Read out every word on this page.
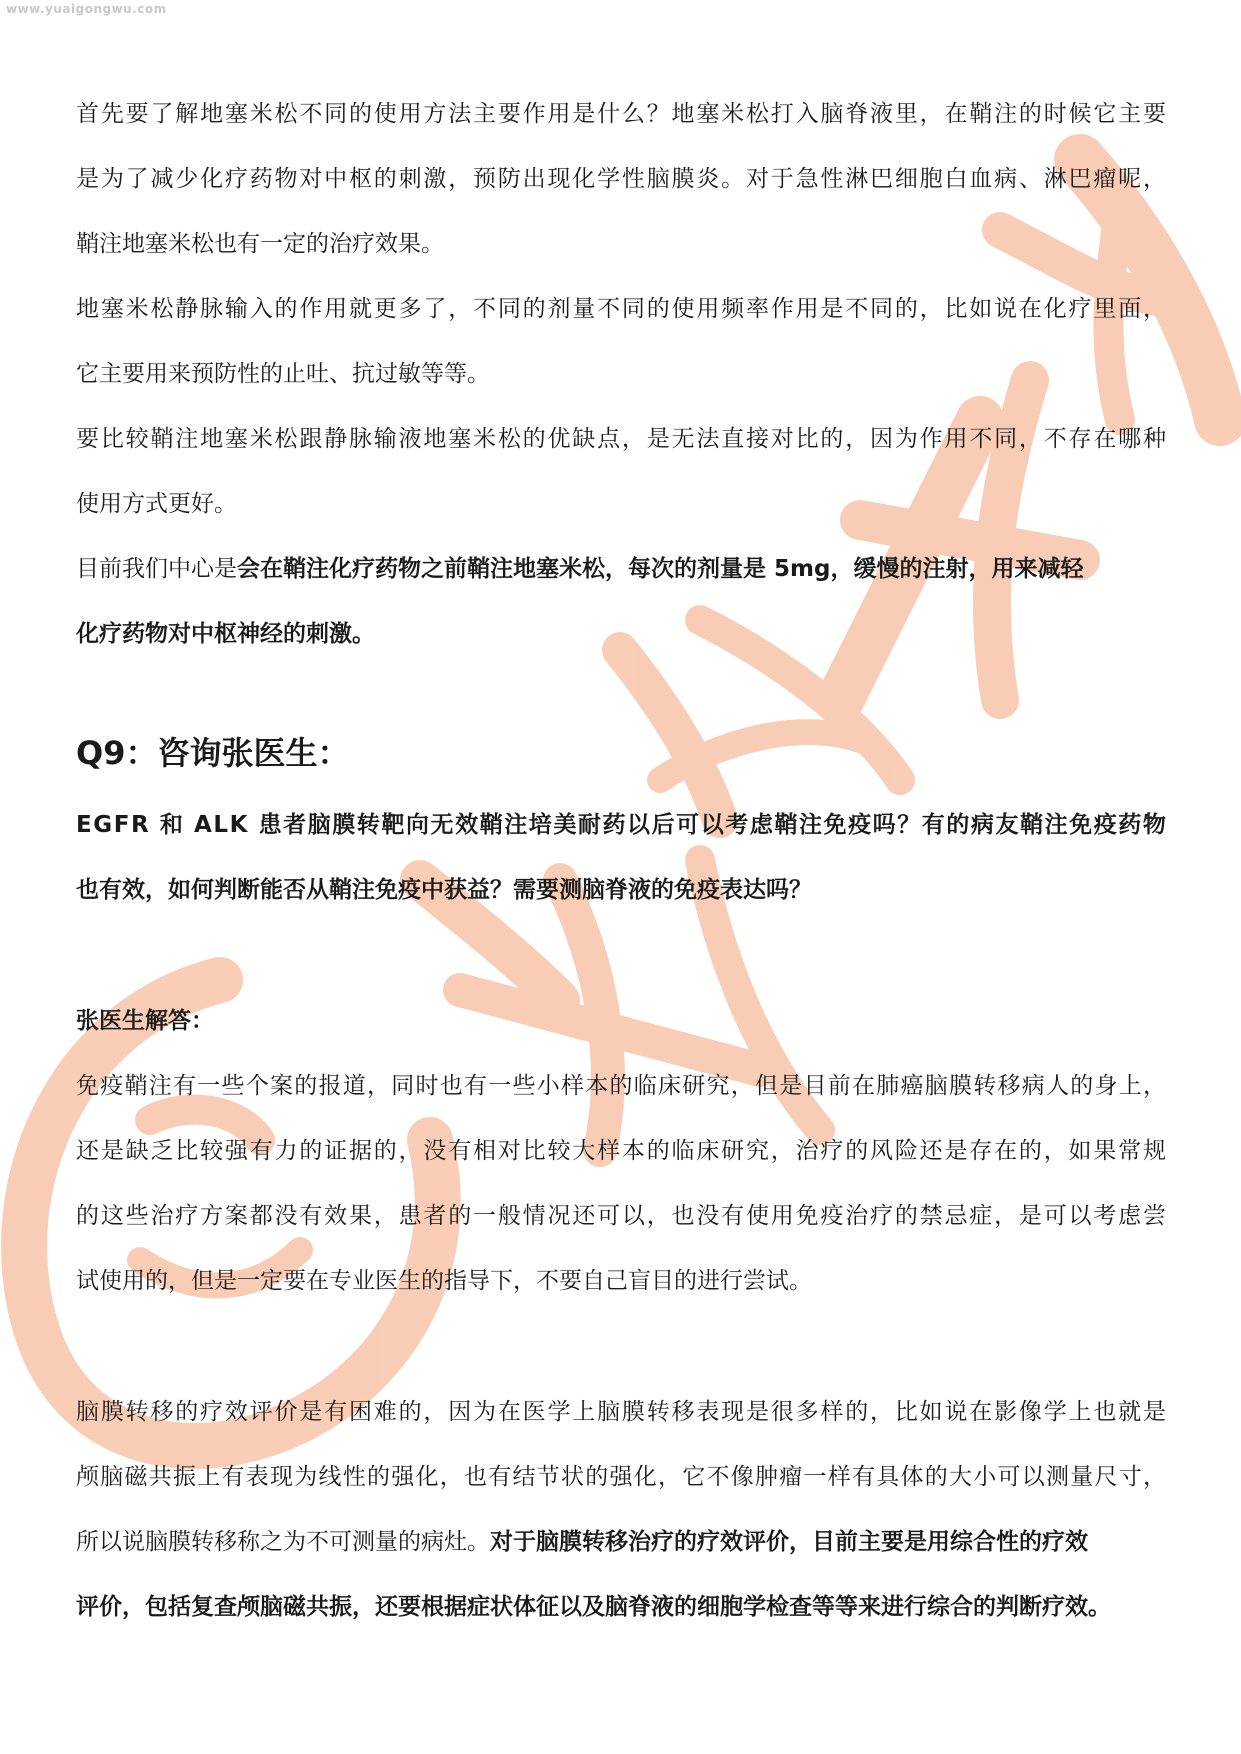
www.yuaigongwu.com
首 先 要 了 解 地 塞 米 松 不 同 的 使 用 方 法 主 要 作 用 是 什 么 ？ 地 塞 米 松 打 入 脑 脊 液 里 ， 在 鞘 注 的 时 候 它 主 要
是 为 了 减 少 化 疗 药 物 对 中 枢 的 刺 激 ， 预 防 出 现 化 学 性 脑 膜 炎 。 对 于 急 性 淋 巴 细 胞 白 血 病 、 淋 巴 瘤 呢 ，
鞘注地塞米松也有一定的治疗效果。
地 塞 米 松 静 脉 输 入 的 作 用 就 更 多 了 ， 不 同 的 剂 量 不 同 的 使 用 频 率 作 用 是 不 同 的 ， 比 如 说 在 化 疗 里 面 ，
它主要用来预防性的止吐、抗过敏等等。
要 比 较 鞘 注 地 塞 米 松 跟 静 脉 输 液 地 塞 米 松 的 优 缺 点 ， 是 无 法 直 接 对 比 的 ， 因 为 作 用 不 同 ， 不 存 在 哪 种
使用方式更好。
目前我们中心是会在鞘注化疗药物之前鞘注地塞米松，每次的剂量是 5mg，缓慢的注射，用来减轻
化疗药物对中枢神经的刺激。
Q9：咨询张医生：
E G F R
和
A L K
患 者 脑 膜 转 靶 向 无 效 鞘 注 培 美 耐 药 以 后 可 以 考 虑 鞘 注 免 疫 吗 ？ 有 的 病 友 鞘 注 免 疫 药 物
也有效，如何判断能否从鞘注免疫中获益？需要测脑脊液的免疫表达吗？
张医生解答：
免 疫 鞘 注 有 一 些 个 案 的 报 道 ， 同 时 也 有 一 些 小 样 本 的 临 床 研 究 ， 但 是 目 前 在 肺 癌 脑 膜 转 移 病 人 的 身 上 ，
还 是 缺 乏 比 较 强 有 力 的 证 据 的 ， 没 有 相 对 比 较 大 样 本 的 临 床 研 究 ， 治 疗 的 风 险 还 是 存 在 的 ， 如 果 常 规
的 这 些 治 疗 方 案 都 没 有 效 果 ， 患 者 的 一 般 情 况 还 可 以 ， 也 没 有 使 用 免 疫 治 疗 的 禁 忌 症 ， 是 可 以 考 虑 尝
试使用的，但是一定要在专业医生的指导下，不要自己盲目的进行尝试。
脑 膜 转 移 的 疗 效 评 价 是 有 困 难 的 ， 因 为 在 医 学 上 脑 膜 转 移 表 现 是 很 多 样 的 ， 比 如 说 在 影 像 学 上 也 就 是
颅 脑 磁 共 振 上 有 表 现 为 线 性 的 强 化 ， 也 有 结 节 状 的 强 化 ， 它 不 像 肿 瘤 一 样 有 具 体 的 大 小 可 以 测 量 尺 寸 ，
所以说脑膜转移称之为不可测量的病灶。对于脑膜转移治疗的疗效评价，目前主要是用综合性的疗效
评价，包括复查颅脑磁共振，还要根据症状体征以及脑脊液的细胞学检查等等来进行综合的判断疗效。
